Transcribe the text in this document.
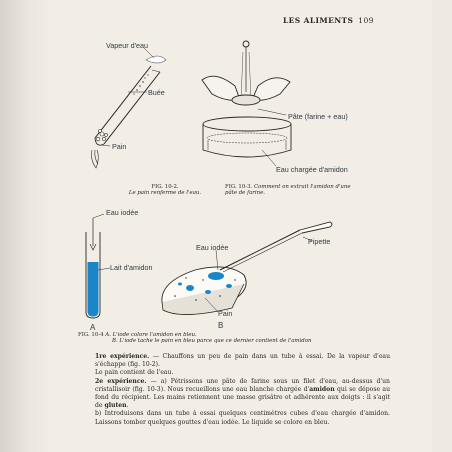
LES ALIMENTS 109
Vapeur d'eau
Buée
Pain
Pâte (farine + eau)
Eau chargée d'amidon
Eau iodée
Lait d'amidon
A
Eau iodée
Pipette
Pain
B
FIG. 10-2.
Le pain renferme de l'eau.
FIG. 10-3. Comment on extrait l'amidon d'une pâte de farine.
FIG. 10-4 A. L'iode colore l'amidon en bleu.
B. L'iode tache le pain en bleu parce que ce dernier contient de l'amidon

1re expérience. — Chauffons un peu de pain dans un tube à essai. De la vapeur d'eau s'échappe (fig. 10-2).

Le pain contient de l'eau.

2e expérience. — a) Pétrissons une pâte de farine sous un filet d'eau, au-dessus d'un cristallisoir (fig. 10-3). Nous recueillons une eau blanche chargée d'amidon qui se dépose au fond du récipient. Les mains retiennent une masse grisâtre et adhérente aux doigts : il s'agit de gluten.

b) Introduisons dans un tube à essai quelques centimètres cubes d'eau chargée d'amidon. Laissons tomber quelques gouttes d'eau iodée. Le liquide se colore en bleu.
